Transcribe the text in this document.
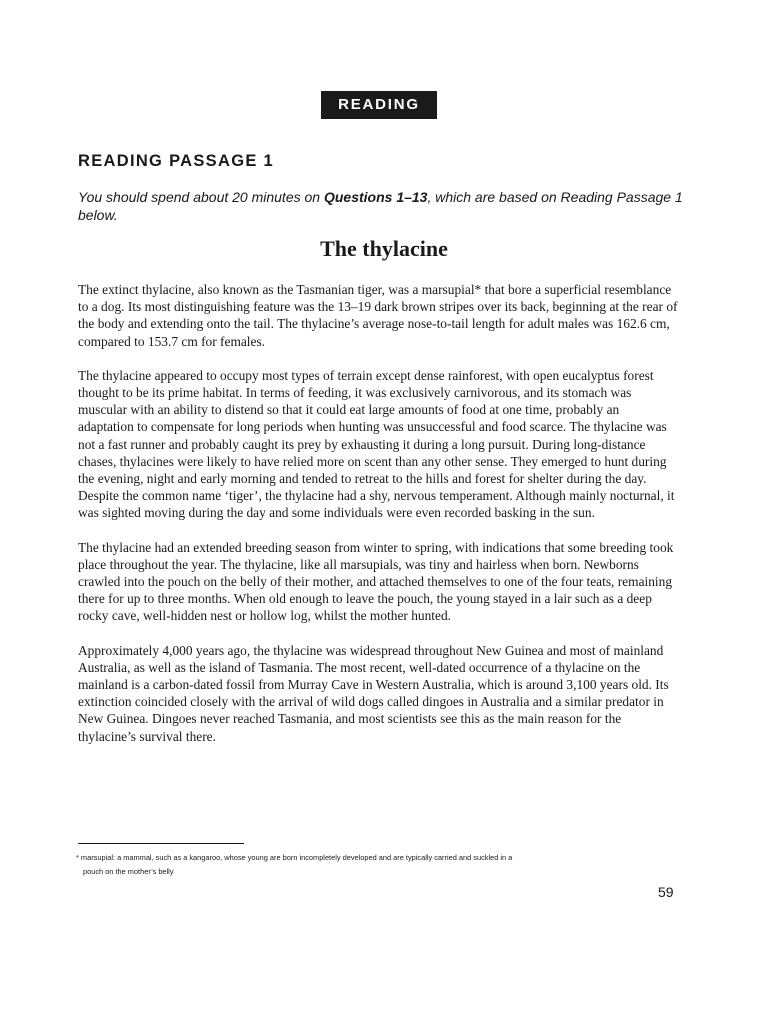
READING
READING PASSAGE 1

You should spend about 20 minutes on Questions 1–13, which are based on Reading Passage 1 below.

The thylacine

The extinct thylacine, also known as the Tasmanian tiger, was a marsupial* that bore a superficial resemblance to a dog. Its most distinguishing feature was the 13–19 dark brown stripes over its back, beginning at the rear of the body and extending onto the tail. The thylacine’s average nose-to-tail length for adult males was 162.6 cm, compared to 153.7 cm for females.

The thylacine appeared to occupy most types of terrain except dense rainforest, with open eucalyptus forest thought to be its prime habitat. In terms of feeding, it was exclusively carnivorous, and its stomach was muscular with an ability to distend so that it could eat large amounts of food at one time, probably an adaptation to compensate for long periods when hunting was unsuccessful and food scarce. The thylacine was not a fast runner and probably caught its prey by exhausting it during a long pursuit. During long-distance chases, thylacines were likely to have relied more on scent than any other sense. They emerged to hunt during the evening, night and early morning and tended to retreat to the hills and forest for shelter during the day. Despite the common name ‘tiger’, the thylacine had a shy, nervous temperament. Although mainly nocturnal, it was sighted moving during the day and some individuals were even recorded basking in the sun.

The thylacine had an extended breeding season from winter to spring, with indications that some breeding took place throughout the year. The thylacine, like all marsupials, was tiny and hairless when born. Newborns crawled into the pouch on the belly of their mother, and attached themselves to one of the four teats, remaining there for up to three months. When old enough to leave the pouch, the young stayed in a lair such as a deep rocky cave, well-hidden nest or hollow log, whilst the mother hunted.

Approximately 4,000 years ago, the thylacine was widespread throughout New Guinea and most of mainland Australia, as well as the island of Tasmania. The most recent, well-dated occurrence of a thylacine on the mainland is a carbon-dated fossil from Murray Cave in Western Australia, which is around 3,100 years old. Its extinction coincided closely with the arrival of wild dogs called dingoes in Australia and a similar predator in New Guinea. Dingoes never reached Tasmania, and most scientists see this as the main reason for the thylacine’s survival there.

* marsupial: a mammal, such as a kangaroo, whose young are born incompletely developed and are typically carried and suckled in a
pouch on the mother’s belly
59
